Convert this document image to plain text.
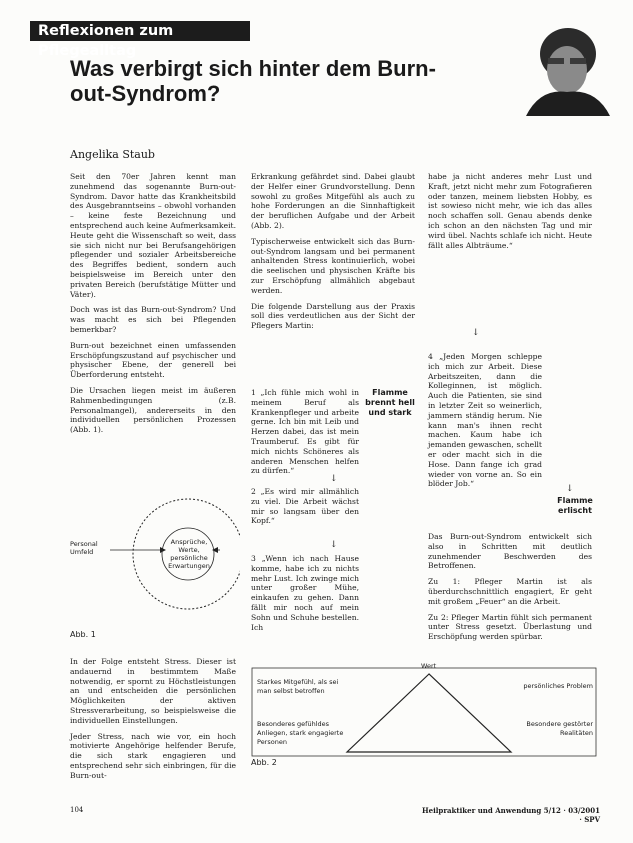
Reflexionen zum Pflegealltag
Was verbirgt sich hinter dem Burn-out-Syndrom?
Angelika Staub

Seit den 70er Jahren kennt man zunehmend das sogenannte Burn-out-Syndrom. Davor hatte das Krankheitsbild des Ausgebranntseins – obwohl vorhanden – keine feste Bezeichnung und entsprechend auch keine Aufmerksamkeit. Heute geht die Wissenschaft so weit, dass sie sich nicht nur bei Berufsangehörigen pflegender und sozialer Arbeitsbereiche des Begriffes bedient, sondern auch beispielsweise im Bereich unter den privaten Bereich (berufstätige Mütter und Väter).

Doch was ist das Burn-out-Syndrom? Und was macht es sich bei Pflegenden bemerkbar?

Burn-out bezeichnet einen umfassenden Erschöpfungszustand auf psychischer und physischer Ebene, der generell bei Überforderung entsteht.

Die Ursachen liegen meist im äußeren Rahmenbedingungen (z.B. Personalmangel), andererseits in den individuellen persönlichen Prozessen (Abb. 1).

Personal Umfeld
Ansprüche, Werte, persönliche Erwartungen
Abb. 1

In der Folge entsteht Stress. Dieser ist andauernd in bestimmtem Maße notwendig, er spornt zu Höchstleistungen an und entscheiden die persönlichen Möglichkeiten der aktiven Stressverarbeitung, so beispielsweise die individuellen Einstellungen.

Jeder Stress, nach wie vor, ein hoch motivierte Angehörige helfender Berufe, die sich stark engagieren und entsprechend sehr sich einbringen, für die Burn-out-

Erkrankung gefährdet sind. Dabei glaubt der Helfer einer Grundvorstellung. Denn sowohl zu großes Mitgefühl als auch zu hohe Forderungen an die Sinnhaftigkeit der beruflichen Aufgabe und der Arbeit (Abb. 2).

Typischerweise entwickelt sich das Burn-out-Syndrom langsam und bei permanent anhaltenden Stress kontinuierlich, wobei die seelischen und physischen Kräfte bis zur Erschöpfung allmählich abgebaut werden.

Die folgende Darstellung aus der Praxis soll dies verdeutlichen aus der Sicht der Pflegers Martin:

1 „Ich fühle mich wohl in meinem Beruf als Krankenpfleger und arbeite gerne. Ich bin mit Leib und Herzen dabei, das ist mein Traumberuf. Es gibt für mich nichts Schöneres als anderen Menschen helfen zu dürfen.“
Flamme brennt hell und stark
↓
2 „Es wird mir allmählich zu viel. Die Arbeit wächst mir so langsam über den Kopf.“
↓
3 „Wenn ich nach Hause komme, habe ich zu nichts mehr Lust. Ich zwinge mich unter großer Mühe, einkaufen zu gehen. Dann fällt mir noch auf mein Sohn und Schuhe bestellen. Ich

habe ja nicht anderes mehr Lust und Kraft, jetzt nicht mehr zum Fotografieren oder tanzen, meinem liebsten Hobby, es ist sowieso nicht mehr, wie ich das alles noch schaffen soll. Genau abends denke ich schon an den nächsten Tag und mir wird übel. Nachts schlafe ich nicht. Heute fällt alles Albträume.“

↓
4 „Jeden Morgen schleppe ich mich zur Arbeit. Diese Arbeitszeiten, dann die Kolleginnen, ist möglich. Auch die Patienten, sie sind in letzter Zeit so weinerlich, jammern ständig herum. Nie kann man's ihnen recht machen. Kaum habe ich jemanden gewaschen, schellt er oder macht sich in die Hose. Dann fange ich grad wieder von vorne an. So ein blöder Job.“
↓
Flamme erlischt

Das Burn-out-Syndrom entwickelt sich also in Schritten mit deutlich zunehmender Beschwerden des Betroffenen.

Zu 1: Pfleger Martin ist als überdurchschnittlich engagiert, Er geht mit großem „Feuer“ an die Arbeit.

Zu 2: Pfleger Martin fühlt sich permanent unter Stress gesetzt. Überlastung und Erschöpfung werden spürbar.

Wert
Starkes Mitgefühl, als sei man selbst betroffen
Besonderes gefühldes Anliegen, stark engagierte Personen
persönliches Problem
Besondere gestörter Realitäten
Abb. 2
104	Heilpraktiker und Anwendung 5/12 · 03/2001 · SPV
